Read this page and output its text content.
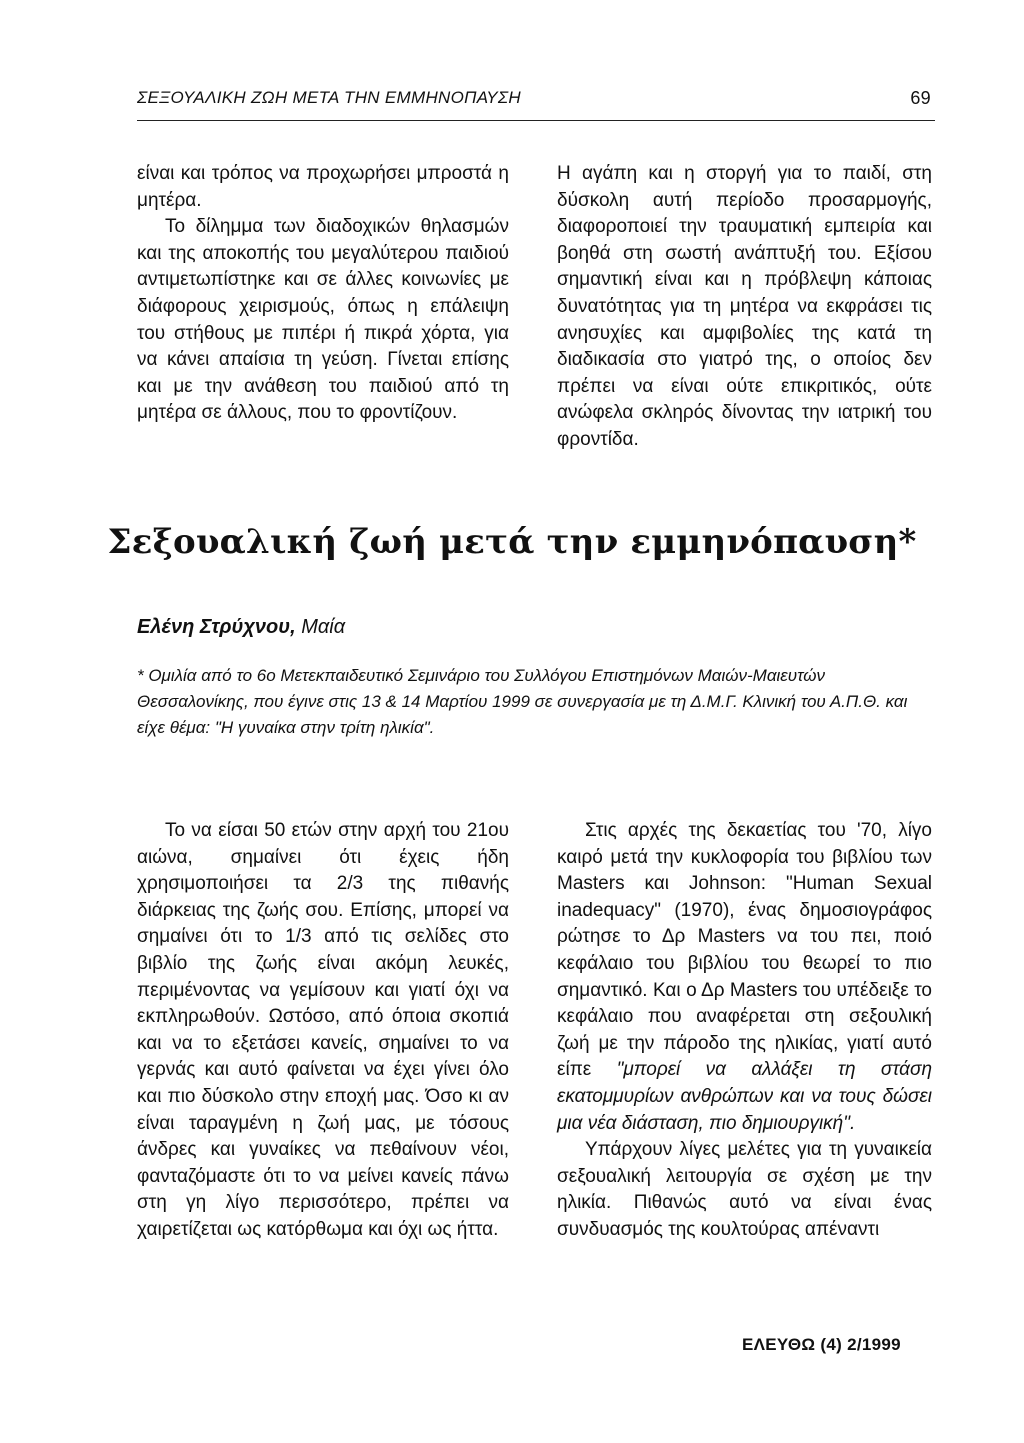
ΣΕΞΟΥΑΛΙΚΗ ΖΩΗ ΜΕΤΑ ΤΗΝ ΕΜΜΗΝΟΠΑΥΣΗ	69

είναι και τρόπος να προχωρήσει μπροστά η μητέρα.

Το δίλημμα των διαδοχικών θηλασμών και της αποκοπής του μεγαλύτερου παιδιού αντιμετωπίστηκε και σε άλλες κοινωνίες με διάφορους χειρισμούς, όπως η επάλειψη του στήθους με πιπέρι ή πικρά χόρτα, για να κάνει απαίσια τη γεύση. Γίνεται επίσης και με την ανάθεση του παιδιού από τη μητέρα σε άλλους, που το φροντίζουν.

Η αγάπη και η στοργή για το παιδί, στη δύσκολη αυτή περίοδο προσαρμογής, διαφοροποιεί την τραυματική εμπειρία και βοηθά στη σωστή ανάπτυξή του. Εξίσου σημαντική είναι και η πρόβλεψη κάποιας δυνατότητας για τη μητέρα να εκφράσει τις ανησυχίες και αμφιβολίες της κατά τη διαδικασία στο γιατρό της, ο οποίος δεν πρέπει να είναι ούτε επικριτικός, ούτε ανώφελα σκληρός δίνοντας την ιατρική του φροντίδα.

Σεξουαλική ζωή μετά την εμμηνόπαυση*
Ελένη Στρύχνου, Μαία
* Ομιλία από το 6ο Μετεκπαιδευτικό Σεμινάριο του Συλλόγου Επιστημόνων Μαιών-Μαιευτών Θεσσαλονίκης, που έγινε στις 13 & 14 Μαρτίου 1999 σε συνεργασία με τη Δ.Μ.Γ. Κλινική του Α.Π.Θ. και είχε θέμα: "Η γυναίκα στην τρίτη ηλικία".

Το να είσαι 50 ετών στην αρχή του 21ου αιώνα, σημαίνει ότι έχεις ήδη χρησιμοποιήσει τα 2/3 της πιθανής διάρκειας της ζωής σου. Επίσης, μπορεί να σημαίνει ότι το 1/3 από τις σελίδες στο βιβλίο της ζωής είναι ακόμη λευκές, περιμένοντας να γεμίσουν και γιατί όχι να εκπληρωθούν. Ωστόσο, από όποια σκοπιά και να το εξετάσει κανείς, σημαίνει το να γερνάς και αυτό φαίνεται να έχει γίνει όλο και πιο δύσκολο στην εποχή μας. Όσο κι αν είναι ταραγμένη η ζωή μας, με τόσους άνδρες και γυναίκες να πεθαίνουν νέοι, φανταζόμαστε ότι το να μείνει κανείς πάνω στη γη λίγο περισσότερο, πρέπει να χαιρετίζεται ως κατόρθωμα και όχι ως ήττα.

Στις αρχές της δεκαετίας του '70, λίγο καιρό μετά την κυκλοφορία του βιβλίου των Masters και Johnson: "Human Sexual inadequacy" (1970), ένας δημοσιογράφος ρώτησε το Δρ Masters να του πει, ποιό κεφάλαιο του βιβλίου του θεωρεί το πιο σημαντικό. Και ο Δρ Masters του υπέδειξε το κεφάλαιο που αναφέρεται στη σεξουλική ζωή με την πάροδο της ηλικίας, γιατί αυτό είπε "μπορεί να αλλάξει τη στάση εκατομμυρίων ανθρώπων και να τους δώσει μια νέα διάσταση, πιο δημιουργική".

Υπάρχουν λίγες μελέτες για τη γυναικεία σεξουαλική λειτουργία σε σχέση με την ηλικία. Πιθανώς αυτό να είναι ένας συνδυασμός της κουλτούρας απέναντι

ΕΛΕΥΘΩ (4) 2/1999
